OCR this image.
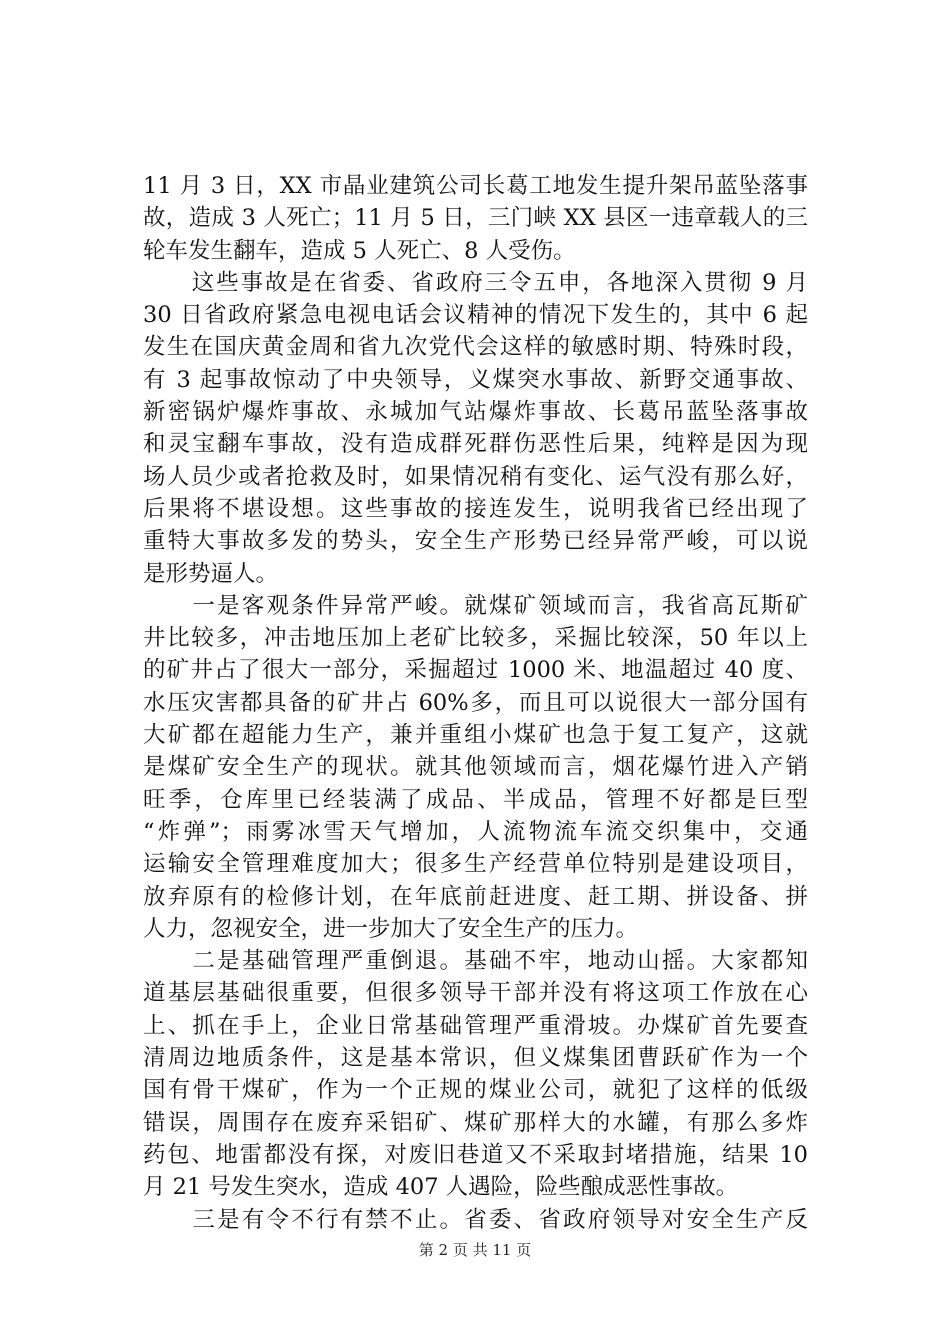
11 月 3 日，XX 市晶业建筑公司长葛工地发生提升架吊蓝坠落事
故，造成 3 人死亡；11 月 5 日，三门峡 XX 县区一违章载人的三
轮车发生翻车，造成 5 人死亡、8 人受伤。
　　这些事故是在省委、省政府三令五申，各地深入贯彻 9 月
30 日省政府紧急电视电话会议精神的情况下发生的，其中 6 起
发生在国庆黄金周和省九次党代会这样的敏感时期、特殊时段，
有 3 起事故惊动了中央领导，义煤突水事故、新野交通事故、
新密锅炉爆炸事故、永城加气站爆炸事故、长葛吊蓝坠落事故
和灵宝翻车事故，没有造成群死群伤恶性后果，纯粹是因为现
场人员少或者抢救及时，如果情况稍有变化、运气没有那么好，
后果将不堪设想。这些事故的接连发生，说明我省已经出现了
重特大事故多发的势头，安全生产形势已经异常严峻，可以说
是形势逼人。
　　一是客观条件异常严峻。就煤矿领域而言，我省高瓦斯矿
井比较多，冲击地压加上老矿比较多，采掘比较深，50 年以上
的矿井占了很大一部分，采掘超过 1000 米、地温超过 40 度、
水压灾害都具备的矿井占 60%多，而且可以说很大一部分国有
大矿都在超能力生产，兼并重组小煤矿也急于复工复产，这就
是煤矿安全生产的现状。就其他领域而言，烟花爆竹进入产销
旺季，仓库里已经装满了成品、半成品，管理不好都是巨型
“炸弹”；雨雾冰雪天气增加，人流物流车流交织集中，交通
运输安全管理难度加大；很多生产经营单位特别是建设项目，
放弃原有的检修计划，在年底前赶进度、赶工期、拼设备、拼
人力，忽视安全，进一步加大了安全生产的压力。
　　二是基础管理严重倒退。基础不牢，地动山摇。大家都知
道基层基础很重要，但很多领导干部并没有将这项工作放在心
上、抓在手上，企业日常基础管理严重滑坡。办煤矿首先要查
清周边地质条件，这是基本常识，但义煤集团曹跃矿作为一个
国有骨干煤矿，作为一个正规的煤业公司，就犯了这样的低级
错误，周围存在废弃采铝矿、煤矿那样大的水罐，有那么多炸
药包、地雷都没有探，对废旧巷道又不采取封堵措施，结果 10
月 21 号发生突水，造成 407 人遇险，险些酿成恶性事故。
　　三是有令不行有禁不止。省委、省政府领导对安全生产反
第 2 页 共 11 页
